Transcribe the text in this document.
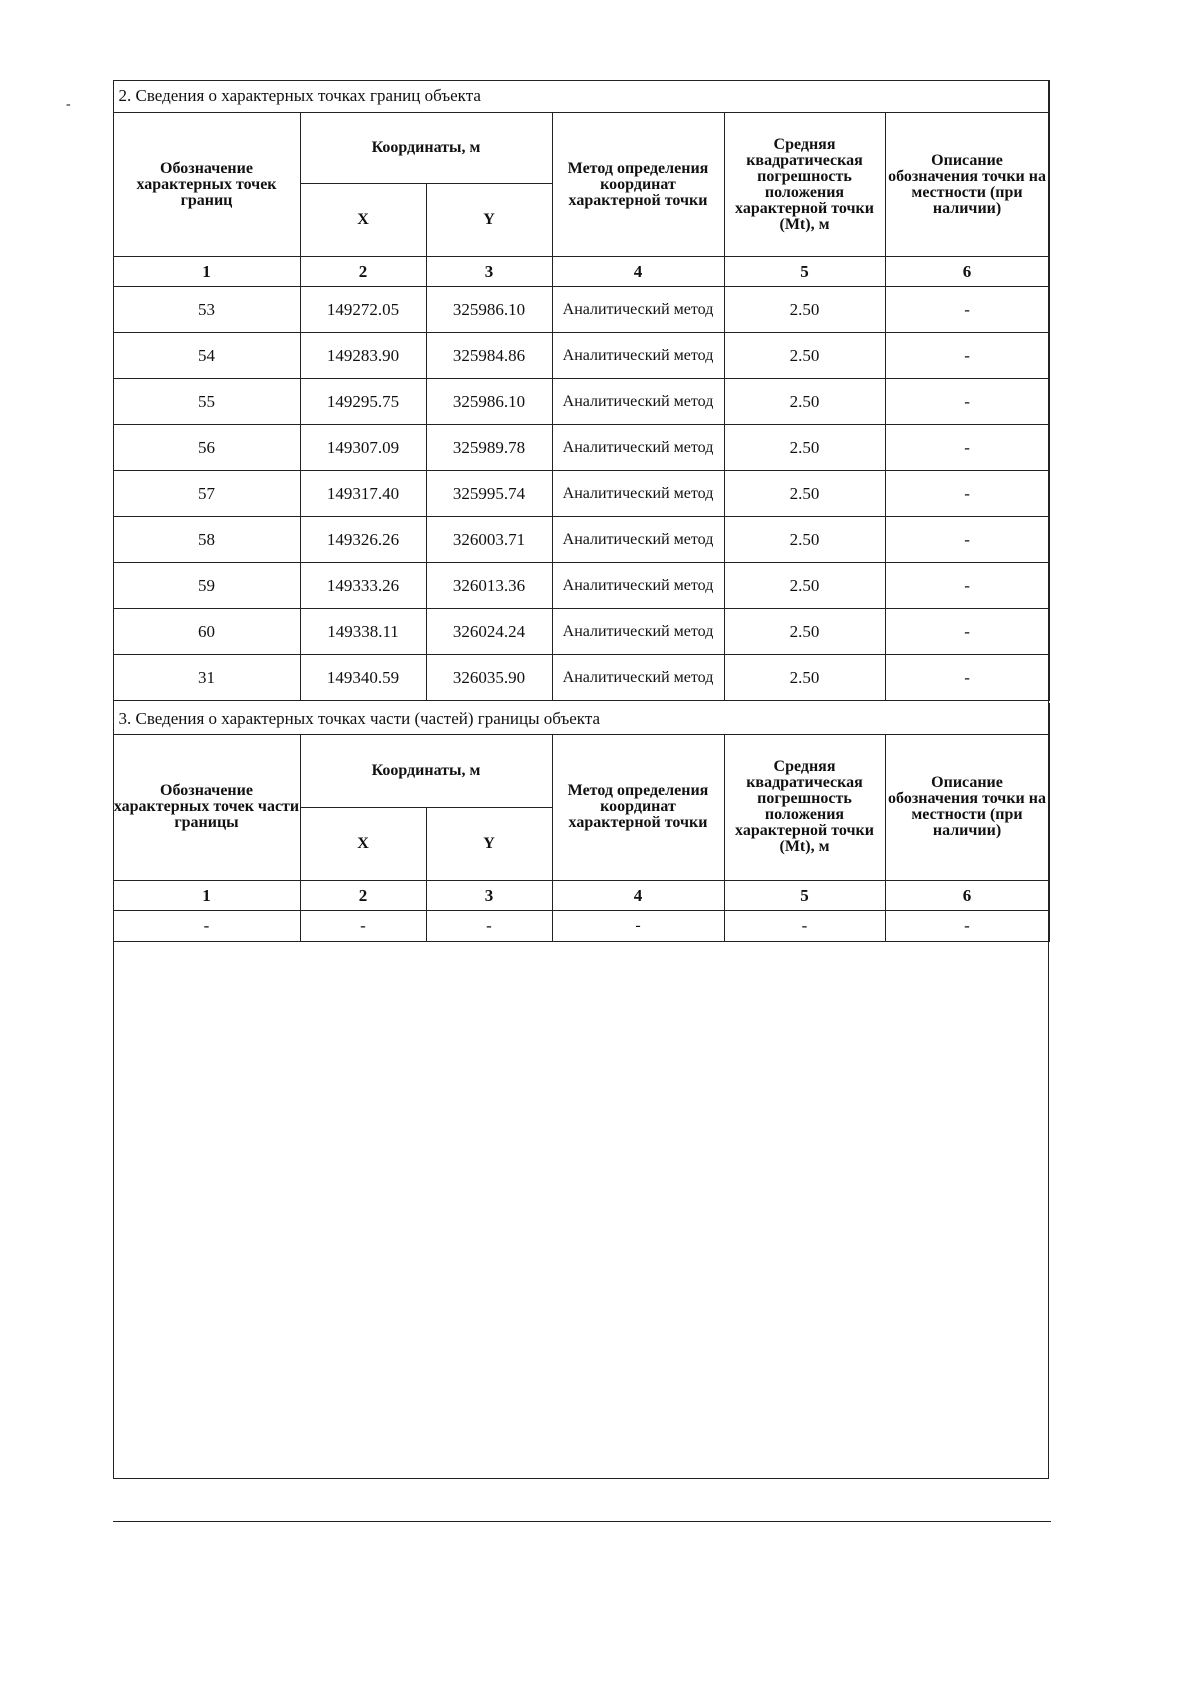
-	2. Сведения о характерных точках границ объекта					
Обозначение характерных точек границ	Координаты, м		Метод определения координат характерной точки	Средняя квадратическая погрешность положения характерной точки (Mt), м	Описание обозначения точки на местности (при наличии)
	X	Y			
1	2	3	4	5	6
53	149272.05	325986.10	Аналитический метод	2.50	-
54	149283.90	325984.86	Аналитический метод	2.50	-
55	149295.75	325986.10	Аналитический метод	2.50	-
56	149307.09	325989.78	Аналитический метод	2.50	-
57	149317.40	325995.74	Аналитический метод	2.50	-
58	149326.26	326003.71	Аналитический метод	2.50	-
59	149333.26	326013.36	Аналитический метод	2.50	-
60	149338.11	326024.24	Аналитический метод	2.50	-
31	149340.59	326035.90	Аналитический метод	2.50	-
3. Сведения о характерных точках части (частей) границы объекта					
Обозначение характерных точек части границы	Координаты, м		Метод определения координат характерной точки	Средняя квадратическая погрешность положения характерной точки (Mt), м	Описание обозначения точки на местности (при наличии)
	X	Y			
1	2	3	4	5	6
-	-	-	-	-	-
